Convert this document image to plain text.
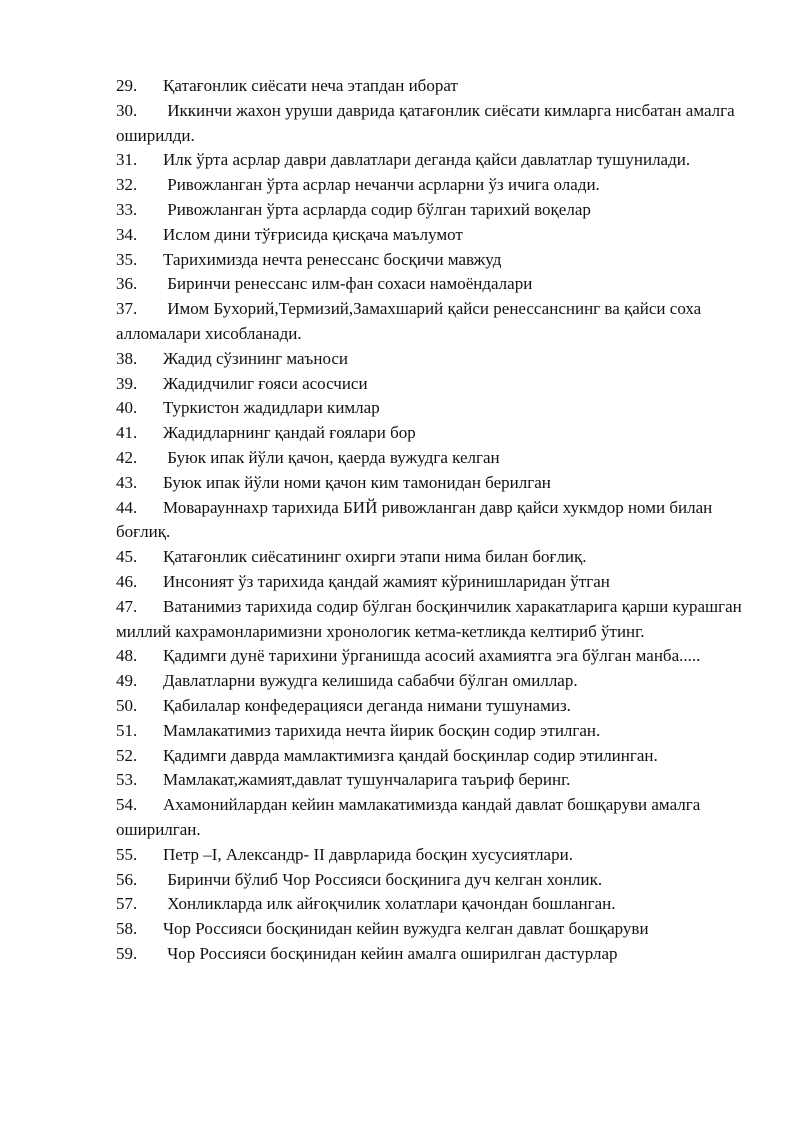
29. Қатағонлик сиёсати неча этапдан иборат

30. Иккинчи жахон уруши даврида қатағонлик сиёсати кимларга нисбатан амалга оширилди.

31. Илк ўрта асрлар даври давлатлари деганда қайси давлатлар тушунилади.

32. Ривожланган ўрта асрлар нечанчи асрларни ўз ичига олади.

33. Ривожланган ўрта асрларда содир бўлган тарихий воқелар

34. Ислом дини тўғрисида қисқача маълумот

35. Тарихимизда нечта ренессанс босқичи мавжуд

36. Биринчи ренессанс илм-фан сохаси намоёндалари

37. Имом Бухорий,Термизий,Замахшарий қайси ренессанснинг ва қайси соха алломалари хисобланади.

38. Жадид сўзининг маъноси

39. Жадидчилиг ғояси асосчиси

40. Туркистон жадидлари кимлар

41. Жадидларнинг қандай ғоялари бор

42. Буюк ипак йўли қачон, қаерда вужудга келган

43. Буюк ипак йўли номи қачон ким тамонидан берилган

44. Моварауннахр тарихида БИЙ ривожланган давр қайси хукмдор номи билан боғлиқ.

45. Қатағонлик сиёсатининг охирги этапи нима билан боғлиқ.

46. Инсоният ўз тарихида қандай жамият кўринишларидан ўтган

47. Ватанимиз тарихида содир бўлган босқинчилик харакатларига қарши курашган миллий кахрамонларимизни хронологик кетма-кетликда келтириб ўтинг.

48. Қадимги дунё тарихини ўрганишда асосий ахамиятга эга бўлган манба.....

49. Давлатларни вужудга келишида сабабчи бўлган омиллар.

50. Қабилалар конфедерацияси деганда нимани тушунамиз.

51. Мамлакатимиз тарихида нечта йирик босқин содир этилган.

52. Қадимги даврда мамлактимизга қандай босқинлар содир этилинган.

53. Мамлакат,жамият,давлат тушунчаларига таъриф беринг.

54. Ахамонийлардан кейин мамлакатимизда кандай давлат бошқаруви амалга оширилган.

55. Петр –I, Александр- II даврларида босқин хусусиятлари.

56. Биринчи бўлиб Чор Россияси босқинига дуч келган хонлик.

57. Хонликларда илк айғоқчилик холатлари қачондан бошланган.

58. Чор Россияси босқинидан кейин вужудга келган давлат бошқаруви

59. Чор Россияси босқинидан кейин амалга оширилган дастурлар
